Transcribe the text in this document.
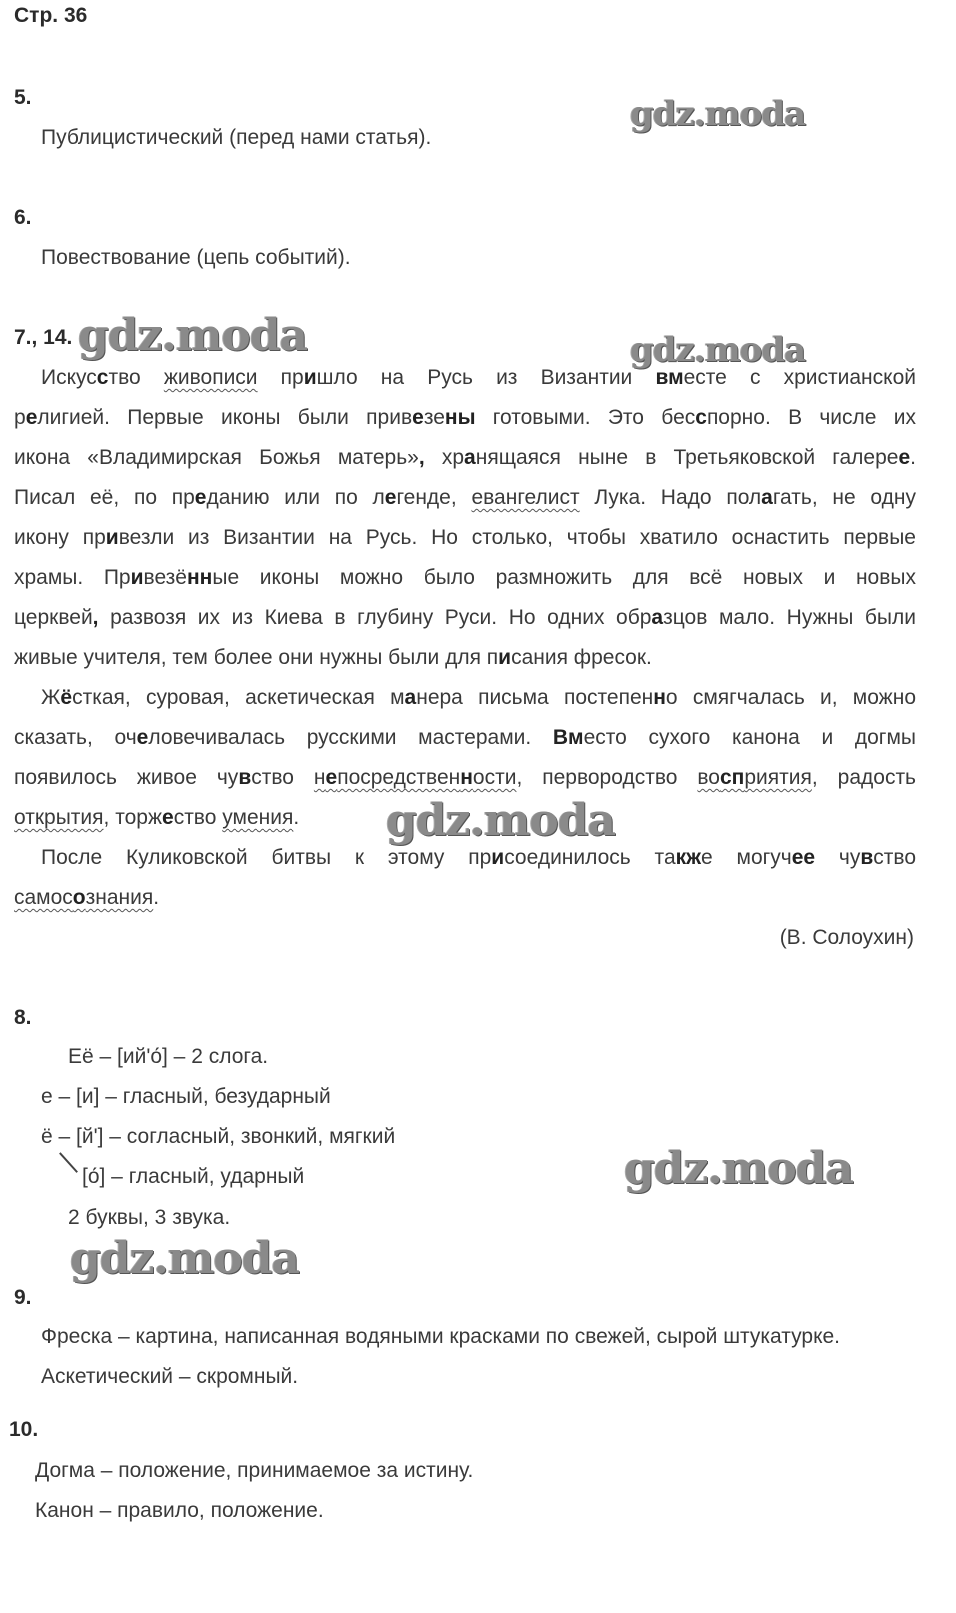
Стр. 36
gdz.moda
gdz.moda	gdz.moda
gdz.moda
gdz.moda
gdz.moda
5.
Публицистический (перед нами статья).
6.
Повествование (цепь событий).
7., 14.
Искусство живописи пришло на Русь из Византии вместе с христианской
религией. Первые иконы были привезены готовыми. Это бесспорно. В числе их
икона «Владимирская Божья матерь», хранящаяся ныне в Третьяковской галерее.
Писал её, по преданию или по легенде, евангелист Лука. Надо полагать, не одну
икону привезли из Византии на Русь. Но столько, чтобы хватило оснастить первые
храмы. Привезённые иконы можно было размножить для всё новых и новых
церквей, развозя их из Киева в глубину Руси. Но одних образцов мало. Нужны были
живые учителя, тем более они нужны были для писания фресок.
Жёсткая, суровая, аскетическая манера письма постепенно смягчалась и, можно
сказать, очеловечивалась русскими мастерами. Вместо сухого канона и догмы
появилось живое чувство непосредственности, первородство восприятия, радость
открытия, торжество умения.
После Куликовской битвы к этому присоединилось также могучее чувство
самосознания.
(В. Солоухин)
8.
Её – [ий'о́] – 2 слога.
е – [и] – гласный, безударный
ё – [й'] – согласный, звонкий, мягкий
[о́] – гласный, ударный
2 буквы, 3 звука.
9.
Фреска – картина, написанная водяными красками по свежей, сырой штукатурке.
Аскетический – скромный.
10.
Догма – положение, принимаемое за истину.
Канон – правило, положение.
